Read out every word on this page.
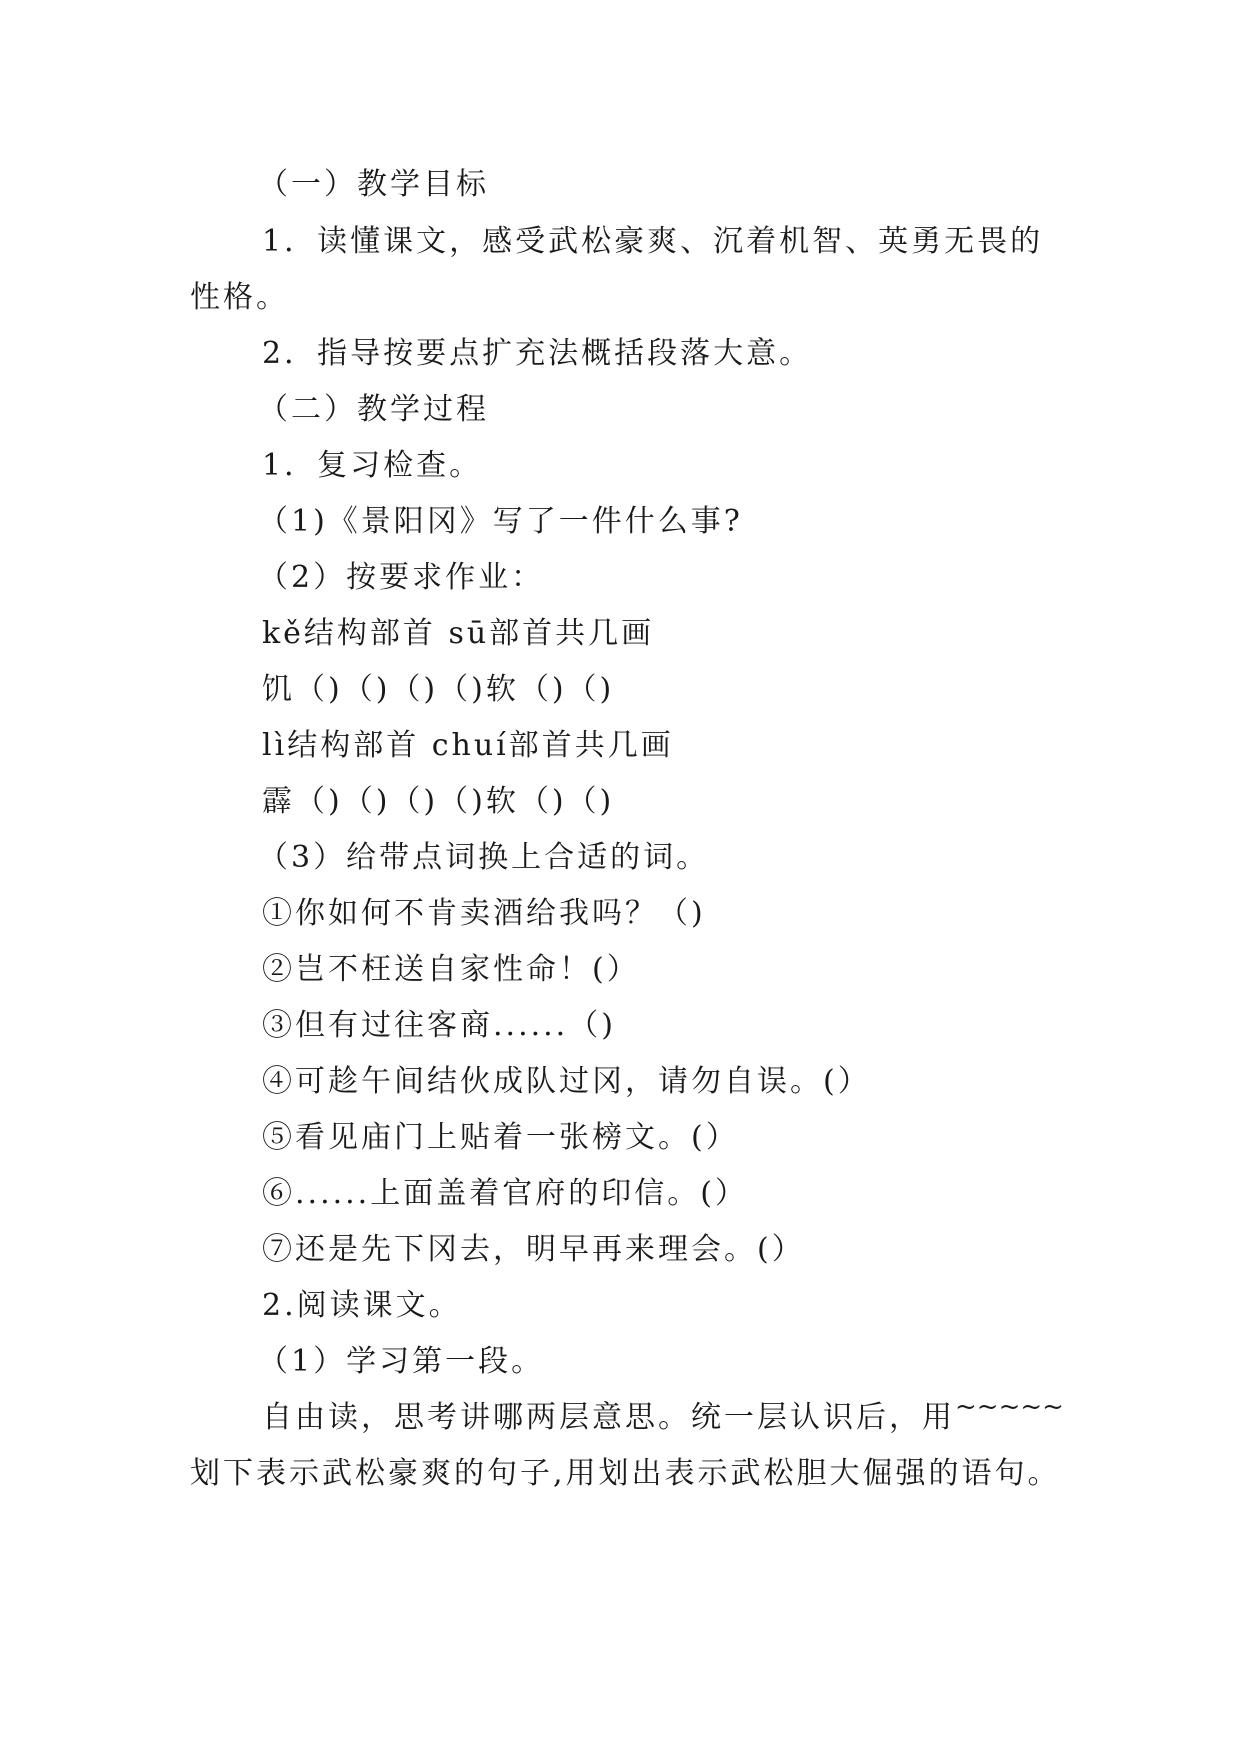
（一）教学目标
1．读懂课文，感受武松豪爽、沉着机智、英勇无畏的
性格。
2．指导按要点扩充法概括段落大意。
（二）教学过程
1．复习检查。
（1)《景阳冈》写了一件什么事?
（2）按要求作业：
kě结构部首 sū部首共几画
饥（)（)（)（)软（)（)
lì结构部首 chuí部首共几画
霹（)（)（)（)软（)（)
（3）给带点词换上合适的词。
①你如何不肯卖酒给我吗？（)
②岂不枉送自家性命！(）
③但有过往客商......（)
④可趁午间结伙成队过冈，请勿自误。(）
⑤看见庙门上贴着一张榜文。(）
⑥......上面盖着官府的印信。(）
⑦还是先下冈去，明早再来理会。(）
2.阅读课文。
（1）学习第一段。
自由读，思考讲哪两层意思。统一层认识后，用~~~~~
划下表示武松豪爽的句子,用划出表示武松胆大倔强的语句。
